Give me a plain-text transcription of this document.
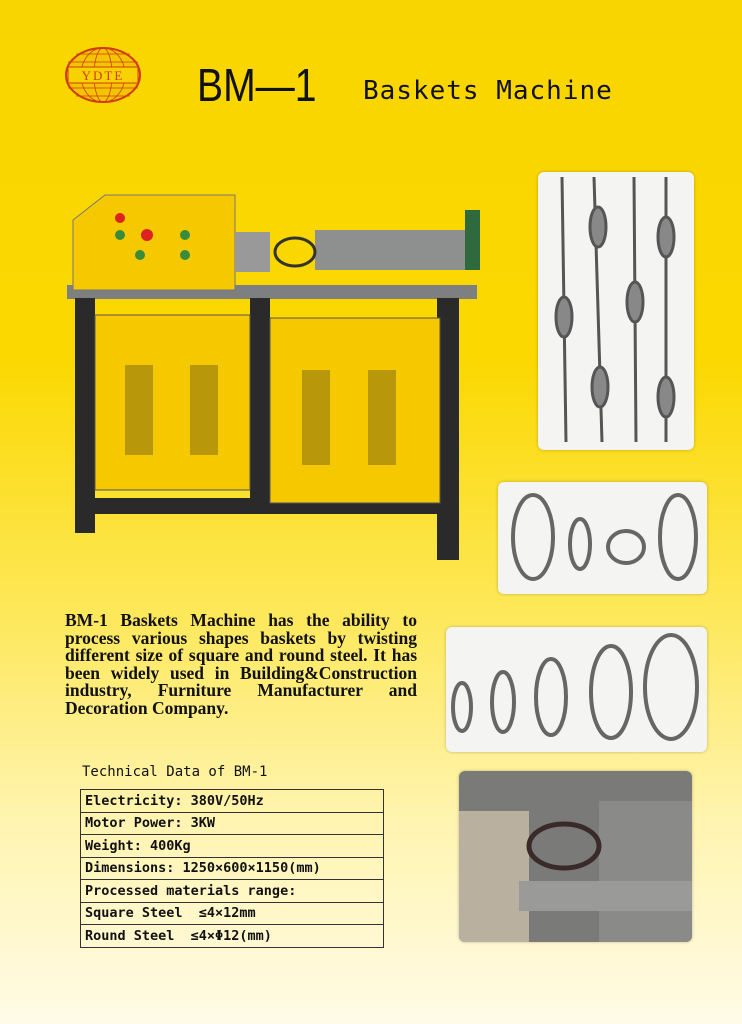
YDTE BM—1 Baskets Machine
BM-1 Baskets Machine has the ability to process various shapes baskets by twisting different size of square and round steel. It has been widely used in Building&Construction industry, Furniture Manufacturer and Decoration Company.
Technical Data of BM-1
Electricity: 380V/50Hz
Motor Power: 3KW
Weight: 400Kg
Dimensions: 1250×600×1150(mm)
Processed materials range:
Square Steel  ≤4×12mm
Round Steel  ≤4×Φ12(mm)
